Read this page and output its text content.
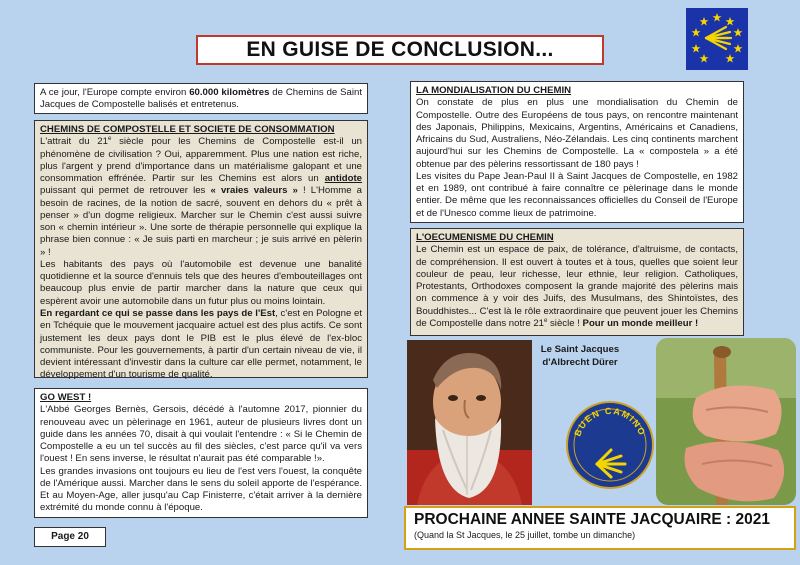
EN GUISE DE CONCLUSION...

A ce jour, l'Europe compte environ 60.000 kilomètres de Chemins de Saint Jacques de Compostelle balisés et entretenus.

CHEMINS DE COMPOSTELLE ET SOCIETE DE CONSOMMATION

L'attrait du 21e siècle pour les Chemins de Compostelle est-il un phénomène de civilisation ? Oui, apparemment. Plus une nation est riche, plus l'argent y prend d'importance dans un matérialisme galopant et une consommation effrénée. Partir sur les Chemins est alors un antidote puissant qui permet de retrouver les « vraies valeurs » ! L'Homme a besoin de racines, de la notion de sacré, souvent en dehors du « prêt à penser » d'un dogme religieux. Marcher sur le Chemin c'est aussi suivre son « chemin intérieur ». Une sorte de thérapie personnelle qui explique la phrase bien connue : « Je suis parti en marcheur ; je suis arrivé en pèlerin » !

Les habitants des pays où l'automobile est devenue une banalité quotidienne et la source d'ennuis tels que des heures d'embouteillages ont beaucoup plus envie de partir marcher dans la nature que ceux qui espèrent avoir une automobile dans un futur plus ou moins lointain.

En regardant ce qui se passe dans les pays de l'Est, c'est en Pologne et en Tchéquie que le mouvement jacquaire actuel est des plus actifs. Ce sont justement les deux pays dont le PIB est le plus élevé de l'ex-bloc communiste. Pour les gouvernements, à partir d'un certain niveau de vie, il devient intéressant d'investir dans la culture car elle permet, notamment, le développement d'un tourisme de qualité.

GO WEST !

L'Abbé Georges Bernès, Gersois, décédé à l'automne 2017, pionnier du renouveau avec un pèlerinage en 1961, auteur de plusieurs livres dont un guide dans les années 70, disait à qui voulait l'entendre : « Si le Chemin de Compostelle a eu un tel succès au fil des siècles, c'est parce qu'il va vers l'ouest ! En sens inverse, le résultat n'aurait pas été comparable !».

Les grandes invasions ont toujours eu lieu de l'est vers l'ouest, la conquête de l'Amérique aussi. Marcher dans le sens du soleil apporte de l'espérance. Et au Moyen-Age, aller jusqu'au Cap Finisterre, c'était arriver à la dernière extrémité du monde connu à l'époque.

Page 20

LA MONDIALISATION DU CHEMIN

On constate de plus en plus une mondialisation du Chemin de Compostelle. Outre des Européens de tous pays, on rencontre maintenant des Japonais, Philippins, Mexicains, Argentins, Américains et Canadiens, Africains du Sud, Australiens, Néo-Zélandais. Les cinq continents marchent aujourd'hui sur les Chemins de Compostelle. La « compostela » a été obtenue par des pèlerins ressortissant de 180 pays !

Les visites du Pape Jean-Paul II à Saint Jacques de Compostelle, en 1982 et en 1989, ont contribué à faire connaître ce pèlerinage dans le monde entier. De même que les reconnaissances officielles du Conseil de l'Europe et de l'Unesco comme lieux de patrimoine.

L'OECUMENISME DU CHEMIN

Le Chemin est un espace de paix, de tolérance, d'altruisme, de contacts, de compréhension. Il est ouvert à toutes et à tous, quelles que soient leur couleur de peau, leur richesse, leur ethnie, leur religion. Catholiques, Protestants, Orthodoxes composent la grande majorité des pèlerins mais on commence à y voir des Juifs, des Musulmans, des Shintoïstes, des Bouddhistes... C'est là le rôle extraordinaire que peuvent jouer les Chemins de Compostelle dans notre 21e siècle ! Pour un monde meilleur !

Le Saint Jacques
d'Albrecht Dürer
BUEN CAMINO
PROCHAINE ANNEE SAINTE JACQUAIRE : 2021
(Quand la St Jacques, le 25 juillet, tombe un dimanche)
